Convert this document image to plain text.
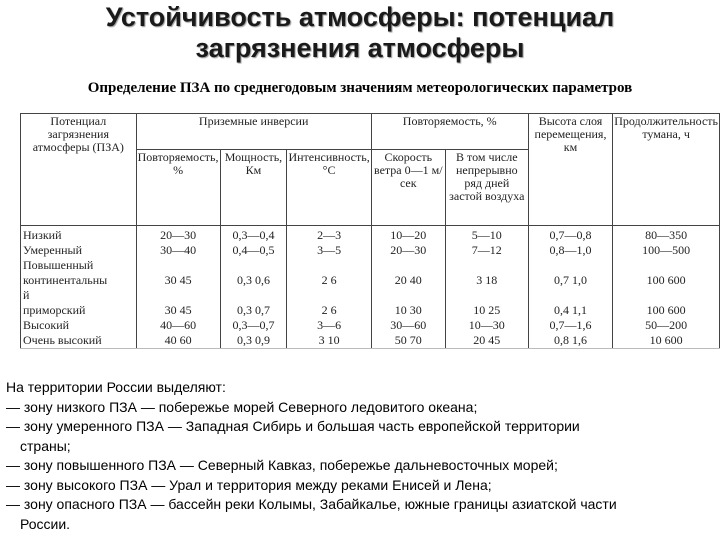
Устойчивость атмосферы: потенциал
загрязнения атмосферы
Определение ПЗА по среднегодовым значениям метеорологических параметров
Потенциал загрязнения атмосферы (ПЗА)	Приземные инверсии			Повторяемость, %		Высота слоя перемещения, км	Продолжительность тумана, ч
	Повторяемость, %	Мощность, Км	Интенсивность, °С	Скорость ветра 0—1 м/сек	В том числе непрерывно ряд дней застой воздуха		
Низкий	20—30	0,3—0,4	2—3	10—20	5—10	0,7—0,8	80—350
Умеренный	30—40	0,4—0,5	3—5	20—30	7—12	0,8—1,0	100—500
Повышенный							
континентальны	30 45	0,3 0,6	2 6	20 40	3 18	0,7 1,0	100 600
й							
приморский	30 45	0,3 0,7	2 6	10 30	10 25	0,4 1,1	100 600
Высокий	40—60	0,3—0,7	3—6	30—60	10—30	0,7—1,6	50—200
Очень высокий	40 60	0,3 0,9	3 10	50 70	20 45	0,8 1,6	10 600

На территории России выделяют:

— зону низкого ПЗА — побережье морей Северного ледовитого океана;

— зону умеренного ПЗА — Западная Сибирь и большая часть европейской территории

страны;

— зону повышенного ПЗА — Северный Кавказ, побережье дальневосточных морей;

— зону высокого ПЗА — Урал и территория между реками Енисей и Лена;

— зону опасного ПЗА — бассейн реки Колымы, Забайкалье, южные границы азиатской части

России.
